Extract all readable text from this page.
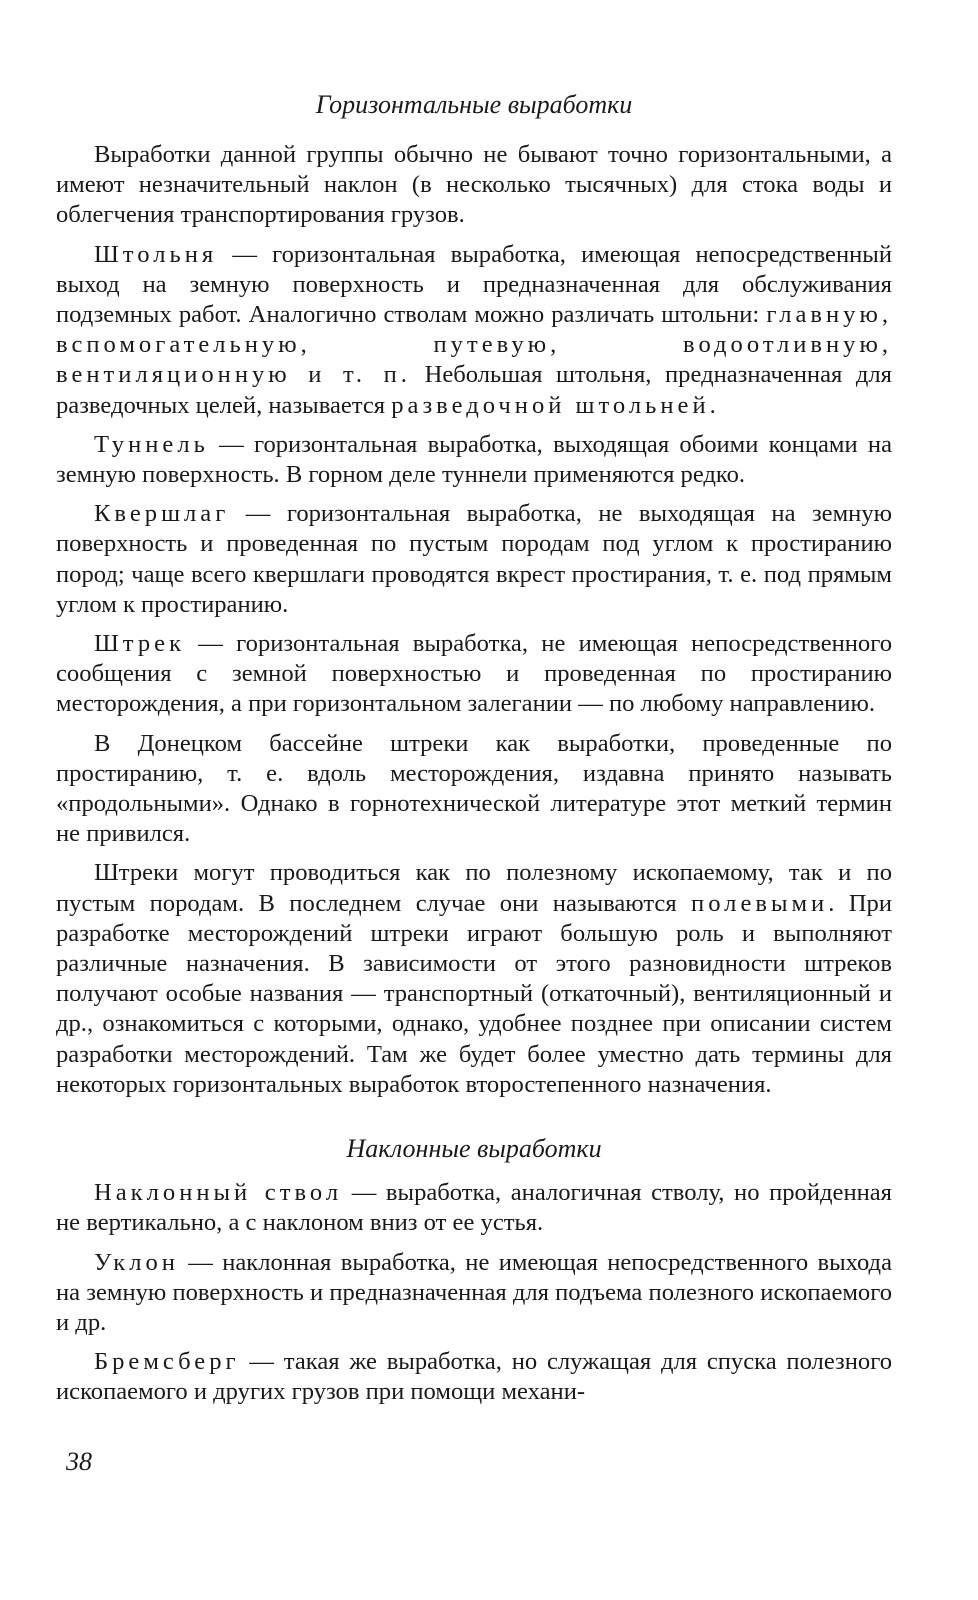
Горизонтальные выработки

Выработки данной группы обычно не бывают точно горизонтальными, а имеют незначительный наклон (в несколько тысячных) для стока воды и облегчения транспортирования грузов.

Штольня — горизонтальная выработка, имеющая непосредственный выход на земную поверхность и предназначенная для обслуживания подземных работ. Аналогично стволам можно различать штольни: главную, вспомогательную, путевую, водоотливную, вентиляционную и т. п. Небольшая штольня, предназначенная для разведочных целей, называется разведочной штольней.

Туннель — горизонтальная выработка, выходящая обоими концами на земную поверхность. В горном деле туннели применяются редко.

Квершлаг — горизонтальная выработка, не выходящая на земную поверхность и проведенная по пустым породам под углом к простиранию пород; чаще всего квершлаги проводятся вкрест простирания, т. е. под прямым углом к простиранию.

Штрек — горизонтальная выработка, не имеющая непосредственного сообщения с земной поверхностью и проведенная по простиранию месторождения, а при горизонтальном залегании — по любому направлению.

В Донецком бассейне штреки как выработки, проведенные по простиранию, т. е. вдоль месторождения, издавна принято называть «продольными». Однако в горнотехнической литературе этот меткий термин не привился.

Штреки могут проводиться как по полезному ископаемому, так и по пустым породам. В последнем случае они называются полевыми. При разработке месторождений штреки играют большую роль и выполняют различные назначения. В зависимости от этого разновидности штреков получают особые названия — транспортный (откаточный), вентиляционный и др., ознакомиться с которыми, однако, удобнее позднее при описании систем разработки месторождений. Там же будет более уместно дать термины для некоторых горизонтальных выработок второстепенного назначения.

Наклонные выработки

Наклонный ствол — выработка, аналогичная стволу, но пройденная не вертикально, а с наклоном вниз от ее устья.

Уклон — наклонная выработка, не имеющая непосредственного выхода на земную поверхность и предназначенная для подъема полезного ископаемого и др.

Бремсберг — такая же выработка, но служащая для спуска полезного ископаемого и других грузов при помощи механи-

38
